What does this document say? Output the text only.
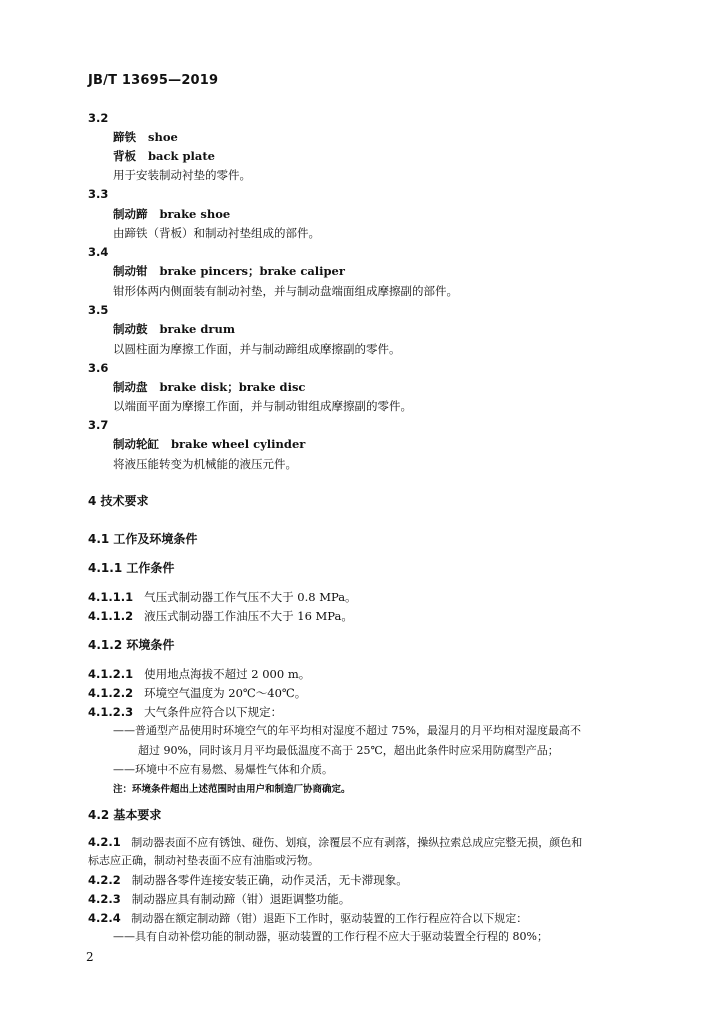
JB/T 13695—2019
3.2
蹄铁 shoe
背板 back plate
用于安装制动衬垫的零件。
3.3
制动蹄 brake shoe
由蹄铁（背板）和制动衬垫组成的部件。
3.4
制动钳 brake pincers；brake caliper
钳形体两内侧面装有制动衬垫，并与制动盘端面组成摩擦副的部件。
3.5
制动鼓 brake drum
以圆柱面为摩擦工作面，并与制动蹄组成摩擦副的零件。
3.6
制动盘 brake disk；brake disc
以端面平面为摩擦工作面，并与制动钳组成摩擦副的零件。
3.7
制动轮缸 brake wheel cylinder
将液压能转变为机械能的液压元件。
4 技术要求
4.1 工作及环境条件
4.1.1 工作条件
4.1.1.1 气压式制动器工作气压不大于 0.8 MPa。
4.1.1.2 液压式制动器工作油压不大于 16 MPa。
4.1.2 环境条件
4.1.2.1 使用地点海拔不超过 2 000 m。
4.1.2.2 环境空气温度为 20℃～40℃。
4.1.2.3 大气条件应符合以下规定：
——普通型产品使用时环境空气的年平均相对湿度不超过 75%，最湿月的月平均相对湿度最高不
超过 90%，同时该月月平均最低温度不高于 25℃，超出此条件时应采用防腐型产品；
——环境中不应有易燃、易爆性气体和介质。
注：环境条件超出上述范围时由用户和制造厂协商确定。
4.2 基本要求
4.2.1 制动器表面不应有锈蚀、碰伤、划痕，涂覆层不应有剥落，操纵拉索总成应完整无损，颜色和
标志应正确，制动衬垫表面不应有油脂或污物。
4.2.2 制动器各零件连接安装正确，动作灵活，无卡滞现象。
4.2.3 制动器应具有制动蹄（钳）退距调整功能。
4.2.4 制动器在额定制动蹄（钳）退距下工作时，驱动装置的工作行程应符合以下规定：
——具有自动补偿功能的制动器，驱动装置的工作行程不应大于驱动装置全行程的 80%；
2
